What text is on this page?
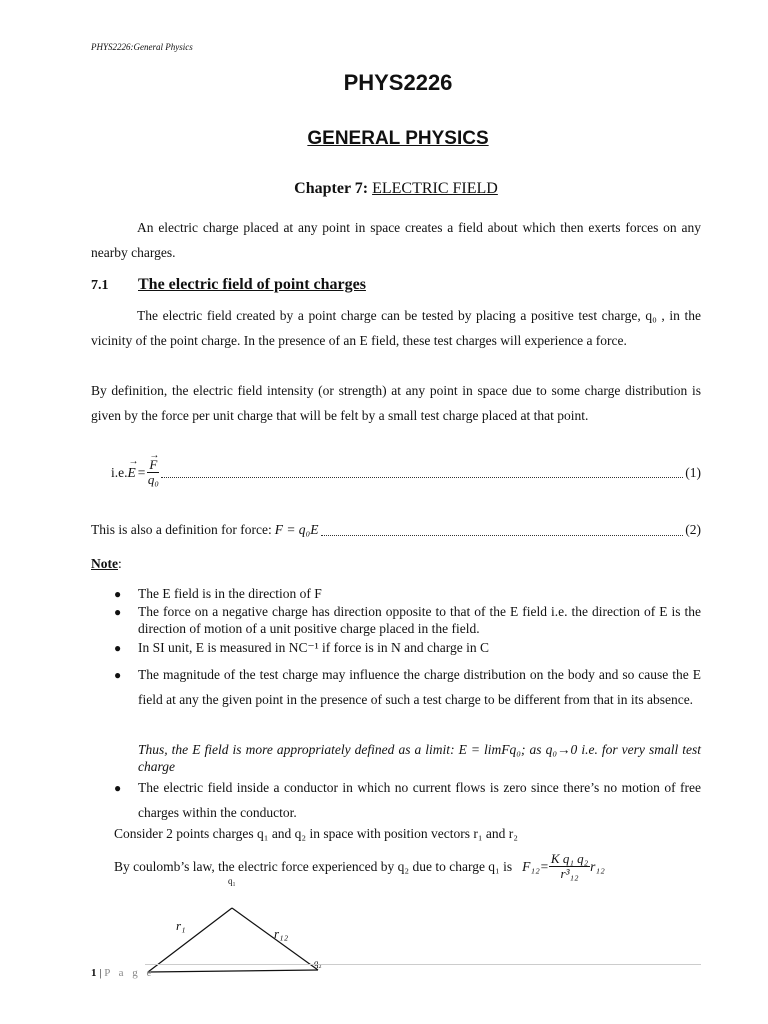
PHYS2226:General Physics
PHYS2226
GENERAL PHYSICS
Chapter 7: ELECTRIC FIELD
An electric charge placed at any point in space creates a field about which then exerts forces on any nearby charges.
7.1 The electric field of point charges
The electric field created by a point charge can be tested by placing a positive test charge, q₀ , in the vicinity of the point charge. In the presence of an E field, these test charges will experience a force.
By definition, the electric field intensity (or strength) at any point in space due to some charge distribution is given by the force per unit charge that will be felt by a small test charge placed at that point.
i.e.
→
E = →
F
q₀	(1)
This is also a definition for force: F = q₀E	(2)
Note:
● The E field is in the direction of F
● The force on a negative charge has direction opposite to that of the E field i.e. the direction of E is the direction of motion of a unit positive charge placed in the field.
● In SI unit, E is measured in NC⁻¹ if force is in N and charge in C
● The magnitude of the test charge may influence the charge distribution on the body and so cause the E field at any the given point in the presence of such a test charge to be different from that in its absence.
Thus, the E field is more appropriately defined as a limit: E = limFq₀; as q₀→0 i.e. for very small test charge
● The electric field inside a conductor in which no current flows is zero since there’s no motion of free charges within the conductor.
Consider 2 points charges q₁ and q₂ in space with position vectors r₁ and r₂
By coulomb’s law, the electric force experienced by q₂ due to charge q₁ is $F_{12}= \frac{\text{K q₁ q₂}}{\text{r³₁₂}} r_{12}$
q₁
q₂
r₁
r₁₂
1 | P a g e
